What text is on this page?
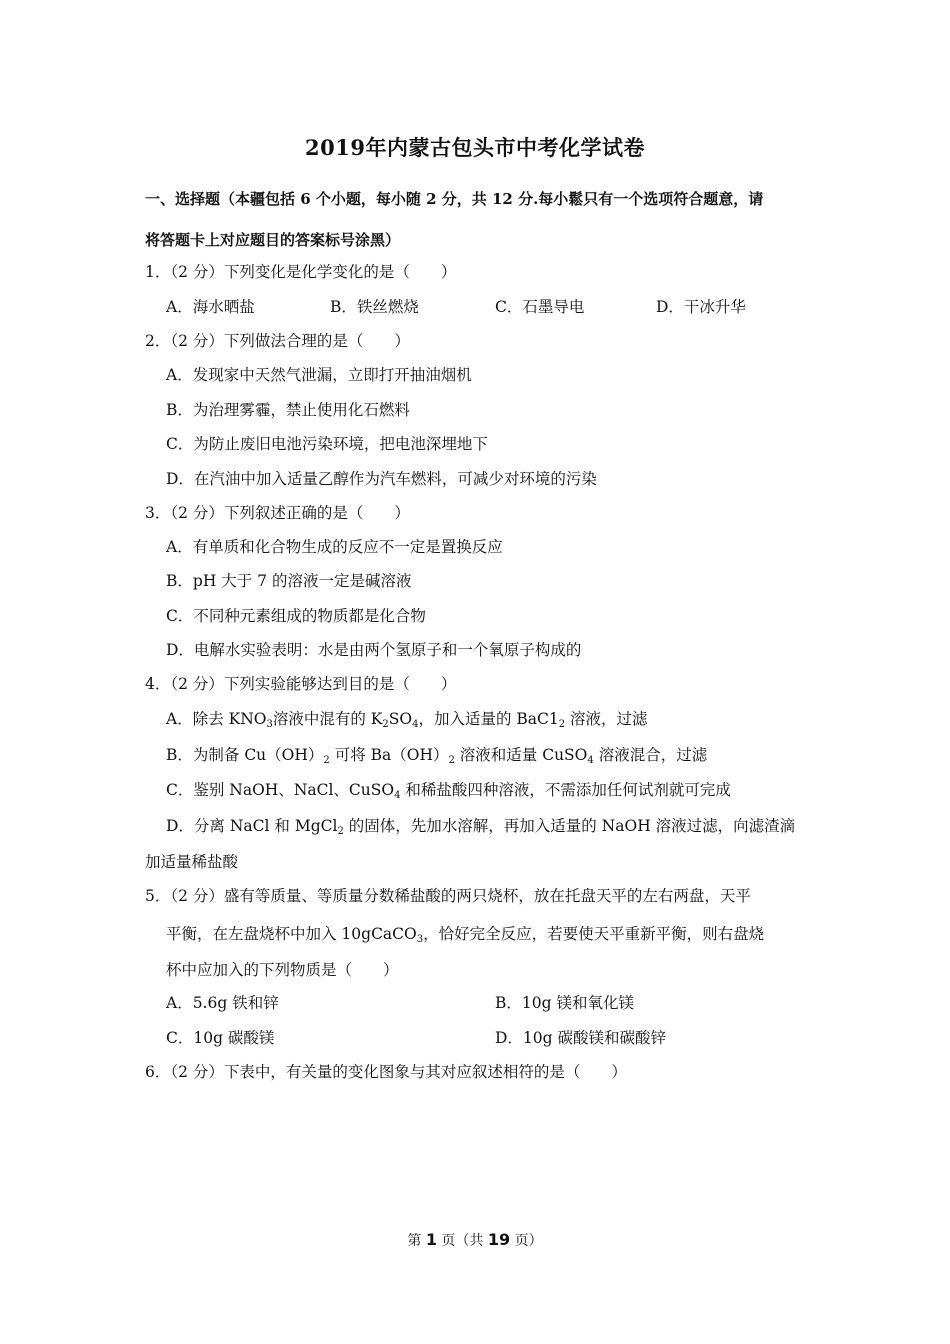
2019年内蒙古包头市中考化学试卷
一、选择题（本疆包括 6 个小题，每小随 2 分，共 12 分.每小鬆只有一个选项符合题意，请
将答题卡上对应题目的答案标号涂黑）
1．（2 分）下列变化是化学变化的是（　　）
A．海水晒盐	B．铁丝燃烧	C．石墨导电	D．干冰升华
2．（2 分）下列做法合理的是（　　）
A．发现家中天然气泄漏，立即打开抽油烟机
B．为治理雾霾，禁止使用化石燃料
C．为防止废旧电池污染环境，把电池深埋地下
D．在汽油中加入适量乙醇作为汽车燃料，可减少对环境的污染
3．（2 分）下列叙述正确的是（　　）
A．有单质和化合物生成的反应不一定是置换反应
B．pH 大于 7 的溶液一定是碱溶液
C．不同种元素组成的物质都是化合物
D．电解水实验表明：水是由两个氢原子和一个氧原子构成的
4．（2 分）下列实验能够达到目的是（　　）
A．除去 $KNO_3$溶液中混有的 $K_2SO_4$，加入适量的 $BaC1_2$ 溶液，过滤
B．为制备 $Cu(OH)_2$ 可将 $Ba(OH)_2$ 溶液和适量 CuSO$_4$ 溶液混合，过滤
C．鉴别 NaOH、NaCl、CuSO$_4$ 和稀盐酸四种溶液，不需添加任何试剂就可完成
D．分离 NaCl 和 MgCl$_2$ 的固体，先加水溶解，再加入适量的 NaOH 溶液过滤，向滤渣滴
加适量稀盐酸
5．（2 分）盛有等质量、等质量分数稀盐酸的两只烧杯，放在托盘天平的左右两盘，天平
平衡，在左盘烧杯中加入 10gCaCO$_3$，恰好完全反应，若要使天平重新平衡，则右盘烧
杯中应加入的下列物质是（　　）
A．5.6g 铁和锌	B．10g 镁和氧化镁
C．10g 碳酸镁	D．10g 碳酸镁和碳酸锌
6．（2 分）下表中，有关量的变化图象与其对应叙述相符的是（　　）
第 1 页（共 19 页）
